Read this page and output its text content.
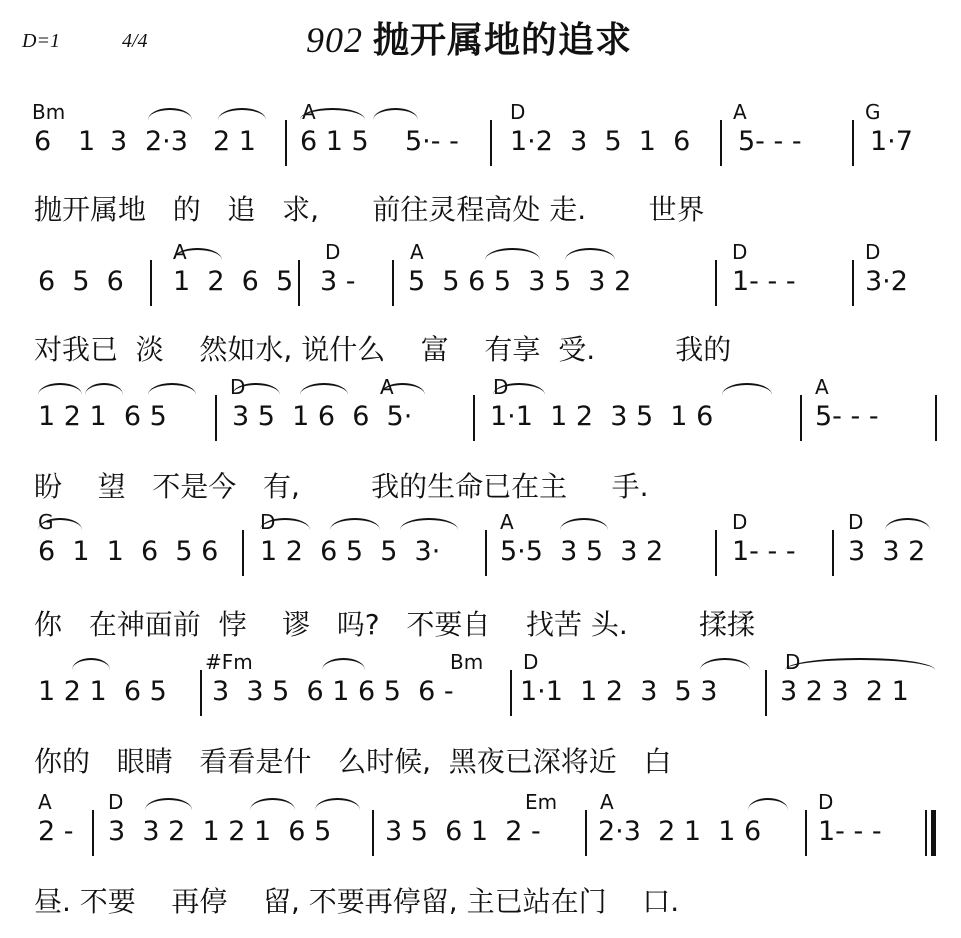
D=1	4/4	902 抛开属地的追求
Bm	A	D	A	G
6 1 3 2·3 2 1 6 1 5 5·- - 1·2  3  5  1  6 5- - -	1·7
抛开属地   的   追   求,      前往灵程高处 走.       世界
A	D	A	D	D
6  5  6 1  2  6  5 3 - 5  5 6 5  3 5  3 2	1- - -	3·2
对我已  淡    然如水, 说什么    富    有享  受.         我的
D	A	D	A
1 2 1  6 5 3 5  1 6  6  5·	1·1  1 2  3 5  1 6	5- - -
盼    望   不是今   有,        我的生命已在主     手.
G	D	A	D	D
6  1  1  6  5 6 1 2  6 5  5  3· 5·5  3 5  3 2	1- - - 3  3 2
你   在神面前  悖    谬   吗?   不要自    找苦 头.        揉揉
#Fm	Bm D	D
1 2 1  6 5 3  3 5  6 1 6 5  6 - 1·1  1 2  3  5 3 3 2 3  2 1
你的   眼睛   看看是什   么时候,  黑夜已深将近   白
A	D	Em A	D
2 - 3  3 2  1 2 1  6 5 3 5  6 1  2 - 2·3  2 1  1 6 1- - -
昼. 不要    再停    留, 不要再停留, 主已站在门    口.
